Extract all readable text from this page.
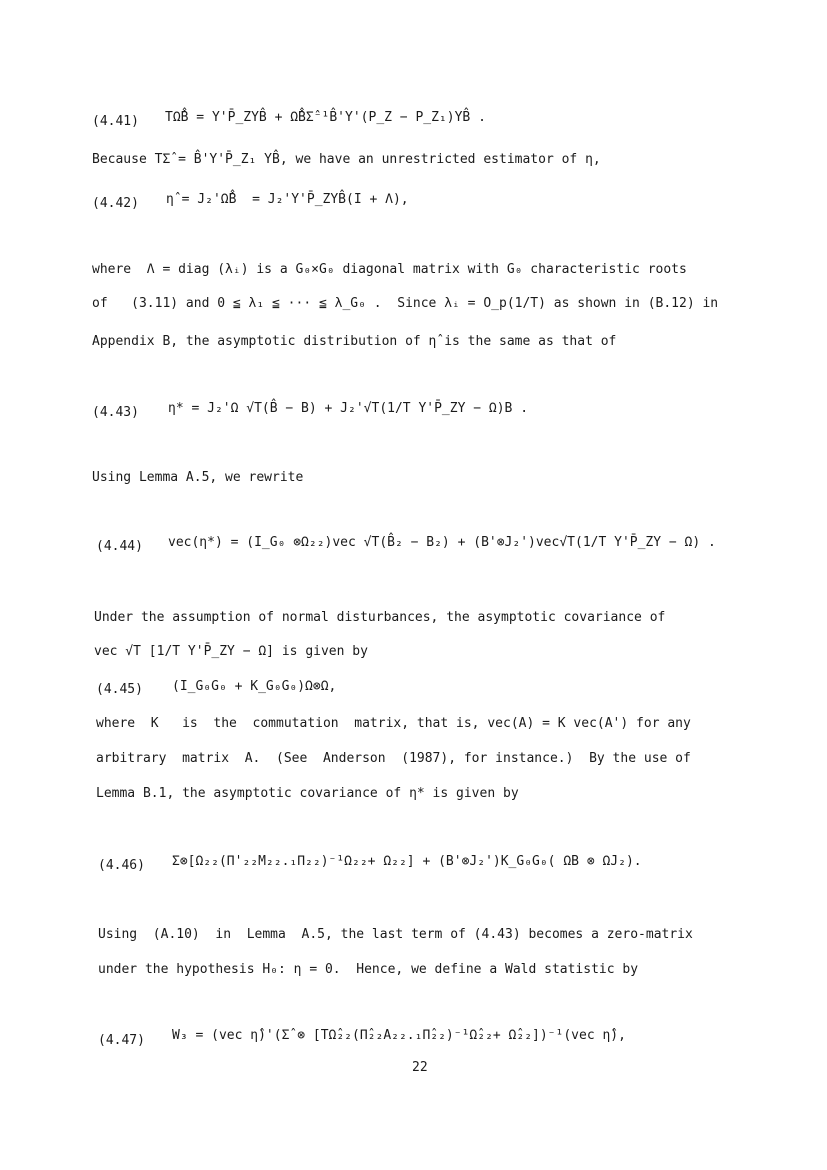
(4.41) TΩ̂B̂ = Y'P̄_ZYB̂ + Ω̂B̂Σ̂⁻¹B̂'Y'(P_Z − P_Z₁)YB̂ .
Because TΣ̂ = B̂'Y'P̄_Z₁ YB̂, we have an unrestricted estimator of η,
(4.42) η̂ = J₂'Ω̂B̂  = J₂'Y'P̄_ZYB̂(I + Λ),
where  Λ = diag (λᵢ) is a G₀×G₀ diagonal matrix with G₀ characteristic roots
of   (3.11) and 0 ≦ λ₁ ≦ ··· ≦ λ_G₀ .  Since λᵢ = O_p(1/T) as shown in (B.12) in
Appendix B, the asymptotic distribution of η̂ is the same as that of
(4.43) η* = J₂'Ω √T(B̂ − B) + J₂'√T(1/T Y'P̄_ZY − Ω)B .
Using Lemma A.5, we rewrite
(4.44) vec(η*) = (I_G₀ ⊗Ω₂₂)vec √T(B̂₂ − B₂) + (B'⊗J₂')vec√T(1/T Y'P̄_ZY − Ω) .
Under the assumption of normal disturbances, the asymptotic covariance of
vec √T [1/T Y'P̄_ZY − Ω] is given by
(4.45) (I_G₀G₀ + K_G₀G₀)Ω⊗Ω,
where  K   is  the  commutation  matrix, that is, vec(A) = K vec(A') for any
arbitrary  matrix  A.  (See  Anderson  (1987), for instance.)  By the use of
Lemma B.1, the asymptotic covariance of η* is given by
(4.46) Σ⊗[Ω₂₂(Π'₂₂M₂₂.₁Π₂₂)⁻¹Ω₂₂+ Ω₂₂] + (B'⊗J₂')K_G₀G₀( ΩB ⊗ ΩJ₂).
Using  (A.10)  in  Lemma  A.5, the last term of (4.43) becomes a zero-matrix
under the hypothesis H₀: η = 0.  Hence, we define a Wald statistic by
(4.47) W₃ = (vec η̂)'(Σ̂ ⊗ [TΩ̂₂₂(Π̂₂₂A₂₂.₁Π̂₂₂)⁻¹Ω̂₂₂+ Ω̂₂₂])⁻¹(vec η̂),
22
